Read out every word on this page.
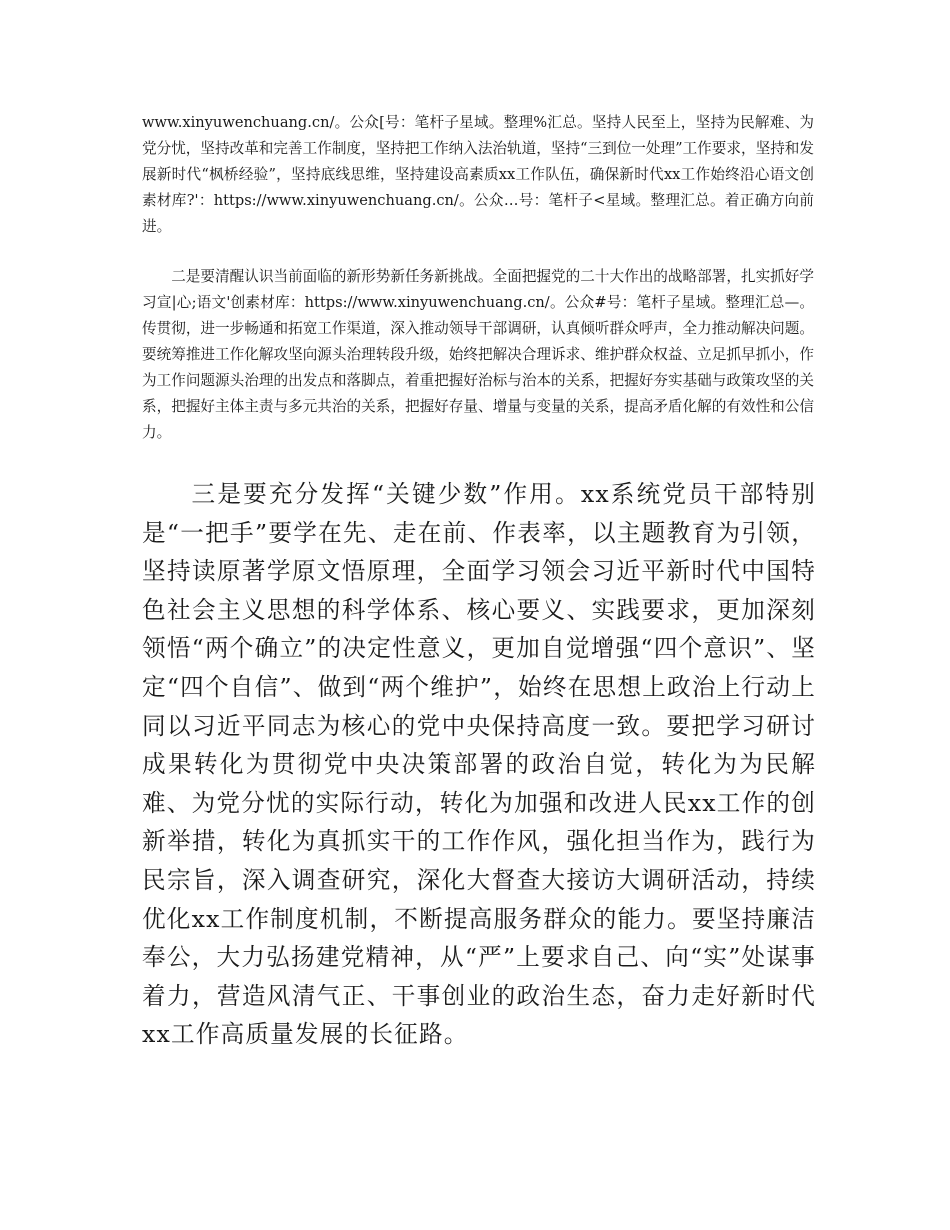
www.xinyuwenchuang.cn/。公众[号：笔杆子星域。整理%汇总。坚持人民至上，坚持为民解难、为党分忧，坚持改革和完善工作制度，坚持把工作纳入法治轨道，坚持“三到位一处理”工作要求，坚持和发展新时代“枫桥经验”，坚持底线思维，坚持建设高素质xx工作队伍，确保新时代xx工作始终沿心语文创素材库?'：https://www.xinyuwenchuang.cn/。公众…号：笔杆子<星域。整理汇总。着正确方向前进。

二是要清醒认识当前面临的新形势新任务新挑战。全面把握党的二十大作出的战略部署，扎实抓好学习宣|心;语文'创素材库：https://www.xinyuwenchuang.cn/。公众#号：笔杆子星域。整理汇总—。传贯彻，进一步畅通和拓宽工作渠道，深入推动领导干部调研，认真倾听群众呼声，全力推动解决问题。要统筹推进工作化解攻坚向源头治理转段升级，始终把解决合理诉求、维护群众权益、立足抓早抓小，作为工作问题源头治理的出发点和落脚点，着重把握好治标与治本的关系，把握好夯实基础与政策攻坚的关系，把握好主体主责与多元共治的关系，把握好存量、增量与变量的关系，提高矛盾化解的有效性和公信力。

三是要充分发挥“关键少数”作用。xx系统党员干部特别是“一把手”要学在先、走在前、作表率，以主题教育为引领，坚持读原著学原文悟原理，全面学习领会习近平新时代中国特色社会主义思想的科学体系、核心要义、实践要求，更加深刻领悟“两个确立”的决定性意义，更加自觉增强“四个意识”、坚定“四个自信”、做到“两个维护”，始终在思想上政治上行动上同以习近平同志为核心的党中央保持高度一致。要把学习研讨成果转化为贯彻党中央决策部署的政治自觉，转化为为民解难、为党分忧的实际行动，转化为加强和改进人民xx工作的创新举措，转化为真抓实干的工作作风，强化担当作为，践行为民宗旨，深入调查研究，深化大督查大接访大调研活动，持续优化xx工作制度机制，不断提高服务群众的能力。要坚持廉洁奉公，大力弘扬建党精神，从“严”上要求自己、向“实”处谋事着力，营造风清气正、干事创业的政治生态，奋力走好新时代xx工作高质量发展的长征路。
